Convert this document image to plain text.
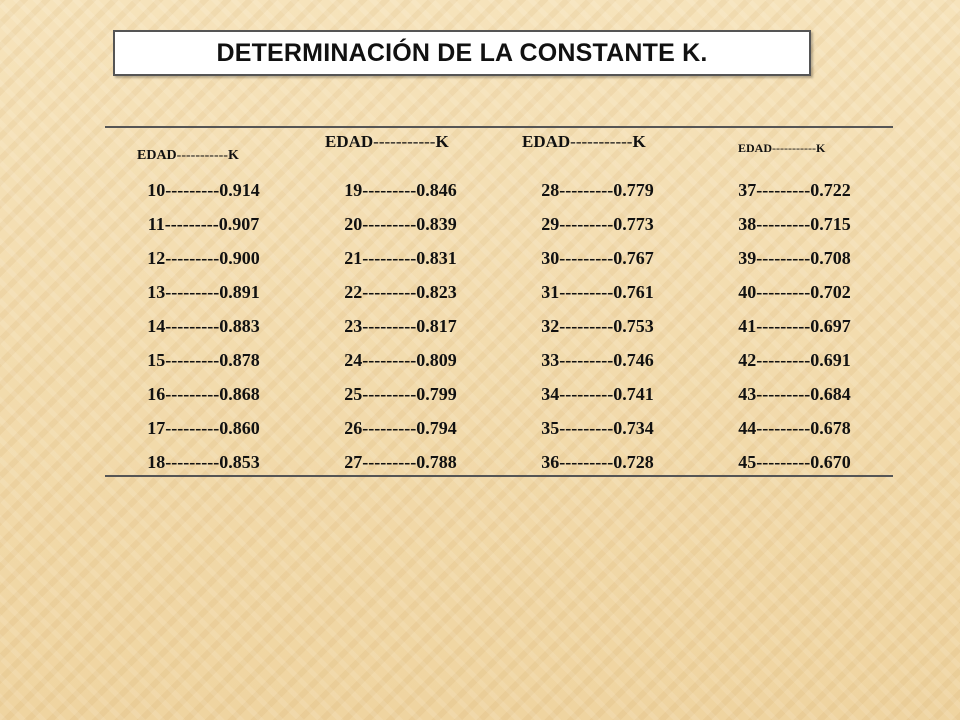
DETERMINACIÓN DE LA CONSTANTE K.
EDAD-----------K
10---------0.914
11---------0.907
12---------0.900
13---------0.891
14---------0.883
15---------0.878
16---------0.868
17---------0.860
18---------0.853
EDAD-----------K
19---------0.846
20---------0.839
21---------0.831
22---------0.823
23---------0.817
24---------0.809
25---------0.799
26---------0.794
27---------0.788
EDAD-----------K
28---------0.779
29---------0.773
30---------0.767
31---------0.761
32---------0.753
33---------0.746
34---------0.741
35---------0.734
36---------0.728
EDAD-----------K
37---------0.722
38---------0.715
39---------0.708
40---------0.702
41---------0.697
42---------0.691
43---------0.684
44---------0.678
45---------0.670
